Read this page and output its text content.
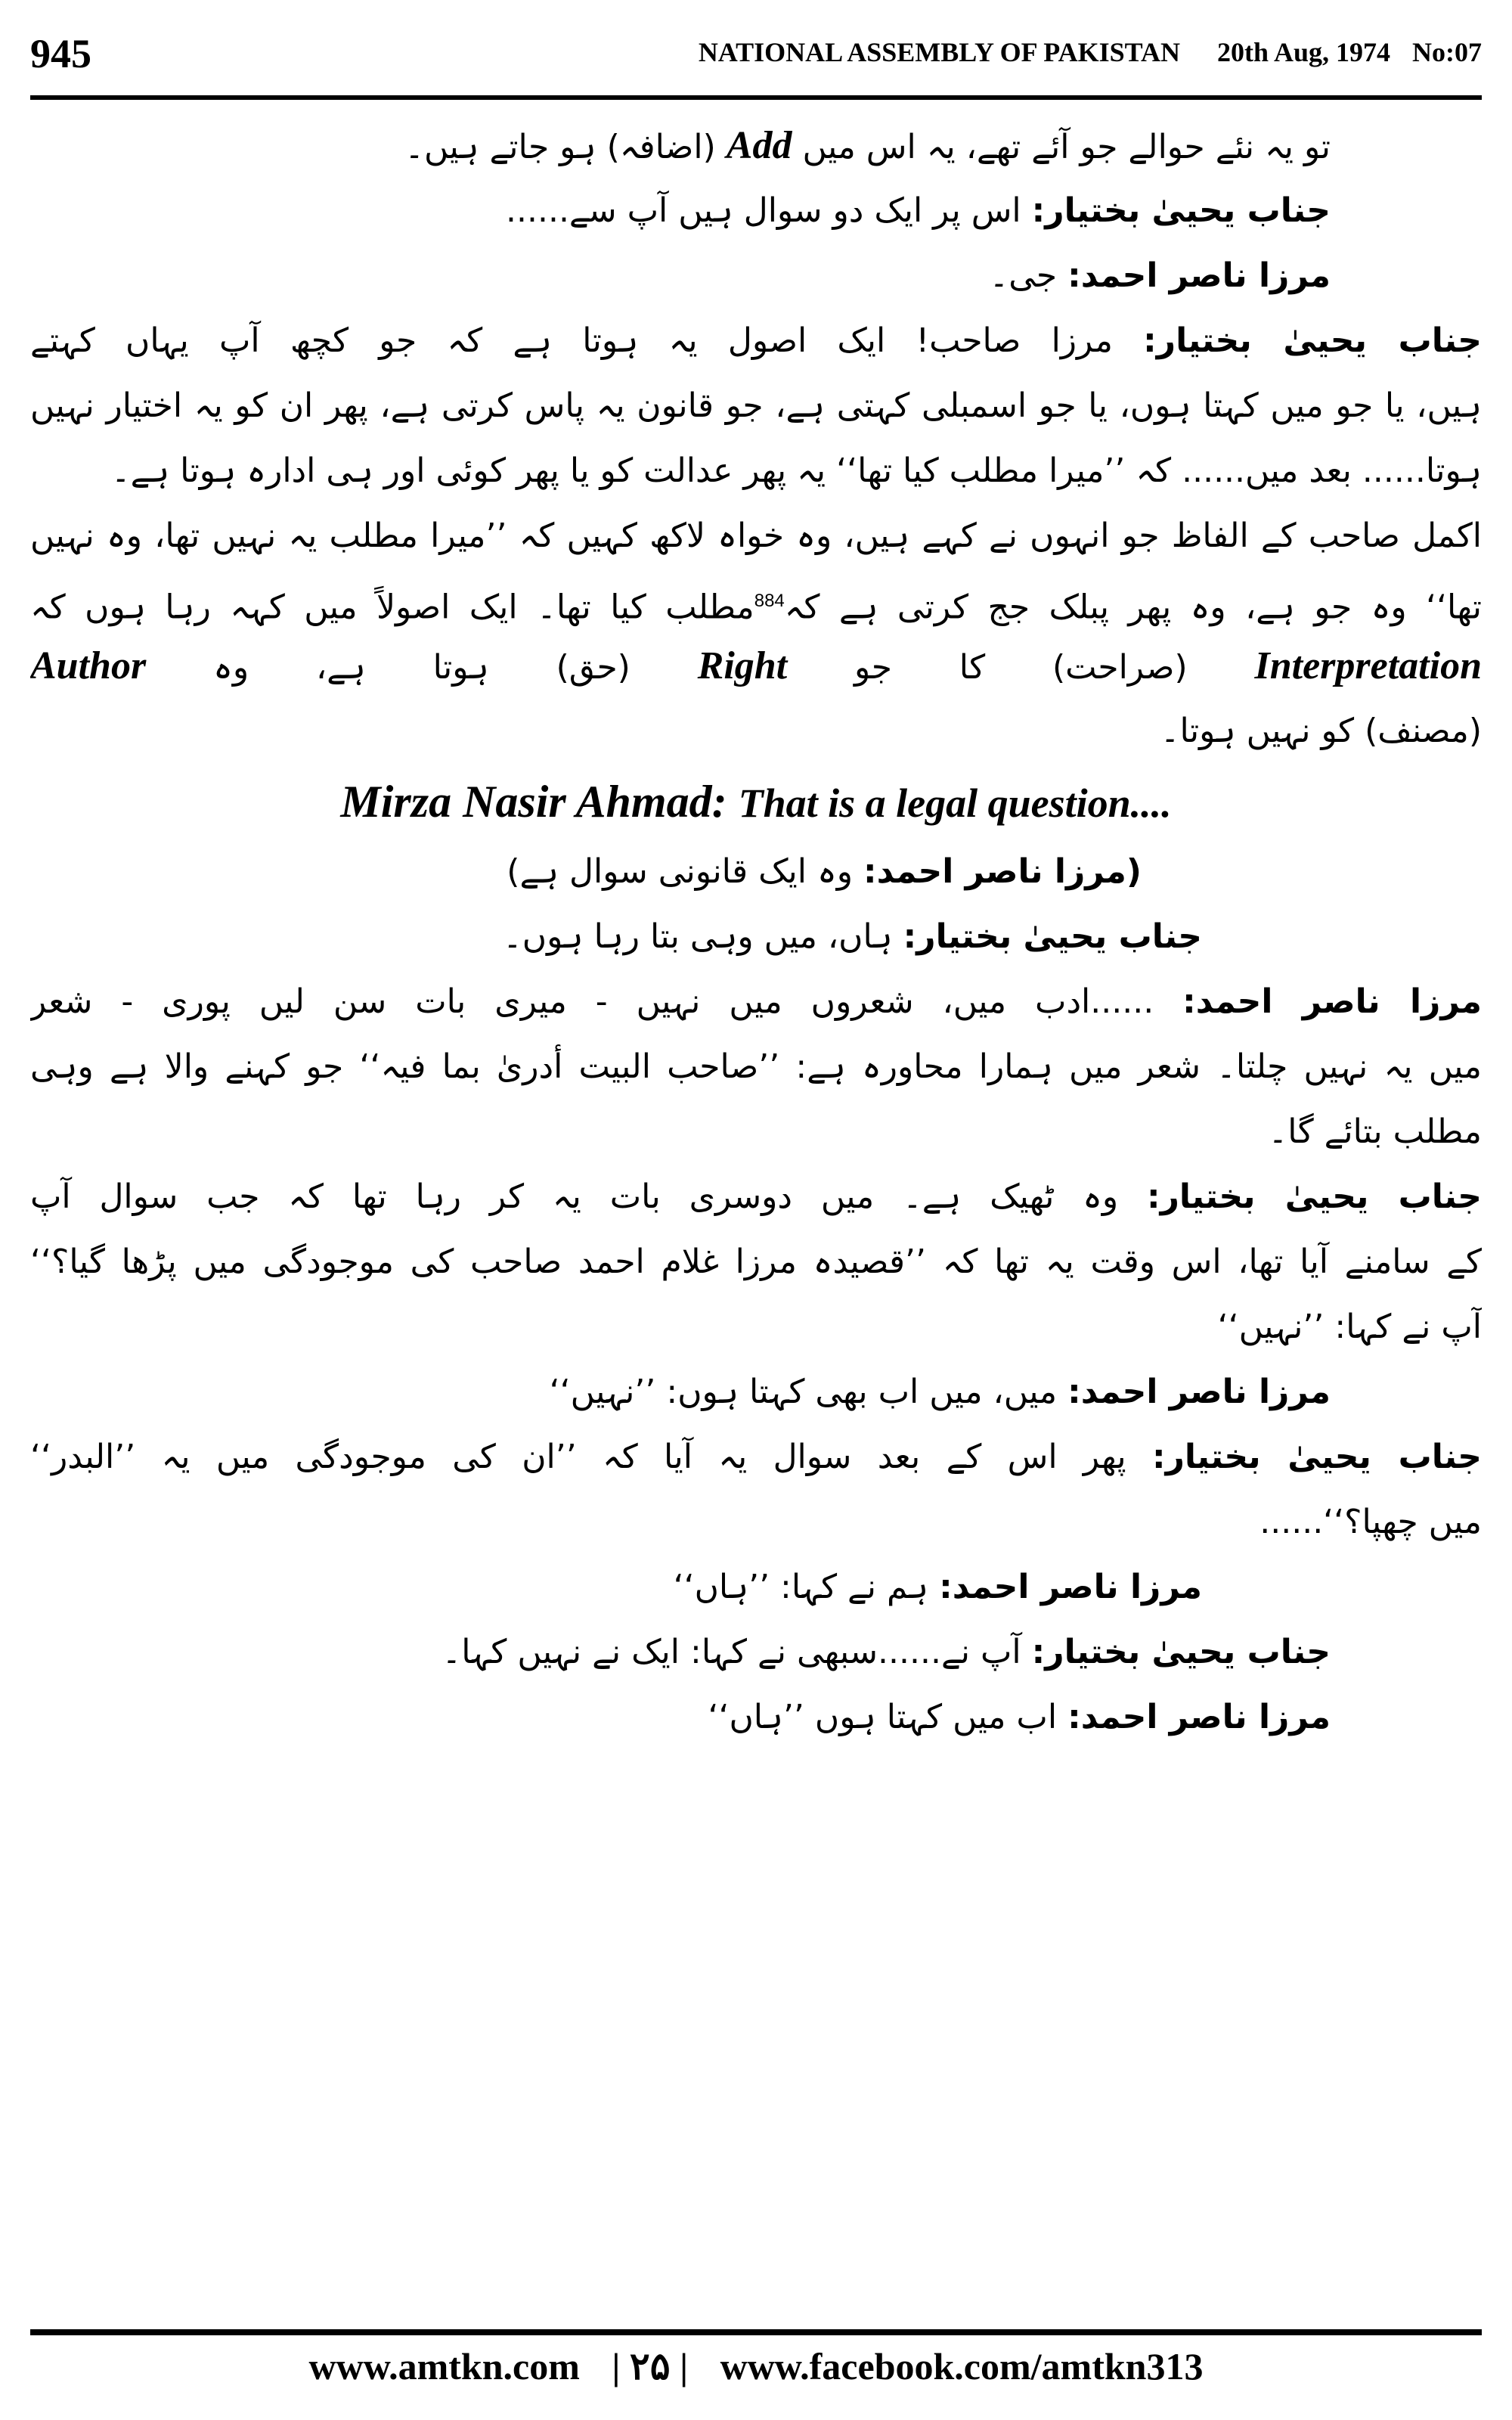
945	NATIONAL ASSEMBLY OF PAKISTAN 20th Aug, 1974 No:07
تو یہ نئے حوالے جو آئے تھے، یہ اس میں Add (اضافہ) ہو جاتے ہیں۔
جناب یحییٰ بختیار: اس پر ایک دو سوال ہیں آپ سے......
مرزا ناصر احمد: جی۔
جناب یحییٰ بختیار: مرزا صاحب! ایک اصول یہ ہوتا ہے کہ جو کچھ آپ یہاں کہتے
ہیں، یا جو میں کہتا ہوں، یا جو اسمبلی کہتی ہے، جو قانون یہ پاس کرتی ہے، پھر ان کو یہ اختیار نہیں
ہوتا...... بعد میں...... کہ ’’میرا مطلب کیا تھا‘‘ یہ پھر عدالت کو یا پھر کوئی اور ہی ادارہ ہوتا ہے۔
اکمل صاحب کے الفاظ جو انہوں نے کہے ہیں، وہ خواہ لاکھ کہیں کہ ’’میرا مطلب یہ نہیں تھا، وہ نہیں
تھا‘‘ وہ جو ہے، وہ پھر پبلک جج کرتی ہے کہ$^{884}$مطلب کیا تھا۔ ایک اصولاً میں کہہ رہا ہوں کہ
Interpretation (صراحت) کا جو Right (حق) ہوتا ہے، وہ Author
(مصنف) کو نہیں ہوتا۔
Mirza Nasir Ahmad: That is a legal question....
(مرزا ناصر احمد: وہ ایک قانونی سوال ہے)
جناب یحییٰ بختیار: ہاں، میں وہی بتا رہا ہوں۔
مرزا ناصر احمد: ......ادب میں، شعروں میں نہیں - میری بات سن لیں پوری - شعر
میں یہ نہیں چلتا۔ شعر میں ہمارا محاورہ ہے: ’’صاحب البیت أدریٰ بما فیہ‘‘ جو کہنے والا ہے وہی
مطلب بتائے گا۔
جناب یحییٰ بختیار: وہ ٹھیک ہے۔ میں دوسری بات یہ کر رہا تھا کہ جب سوال آپ
کے سامنے آیا تھا، اس وقت یہ تھا کہ ’’قصیدہ مرزا غلام احمد صاحب کی موجودگی میں پڑھا گیا؟‘‘
آپ نے کہا: ’’نہیں‘‘
مرزا ناصر احمد: میں، میں اب بھی کہتا ہوں: ’’نہیں‘‘
جناب یحییٰ بختیار: پھر اس کے بعد سوال یہ آیا کہ ’’ان کی موجودگی میں یہ ’’البدر‘‘
میں چھپا؟‘‘......
مرزا ناصر احمد: ہم نے کہا: ’’ہاں‘‘
جناب یحییٰ بختیار: آپ نے......سبھی نے کہا: ایک نے نہیں کہا۔
مرزا ناصر احمد: اب میں کہتا ہوں ’’ہاں‘‘
www.amtkn.com | ۲۵ | www.facebook.com/amtkn313
